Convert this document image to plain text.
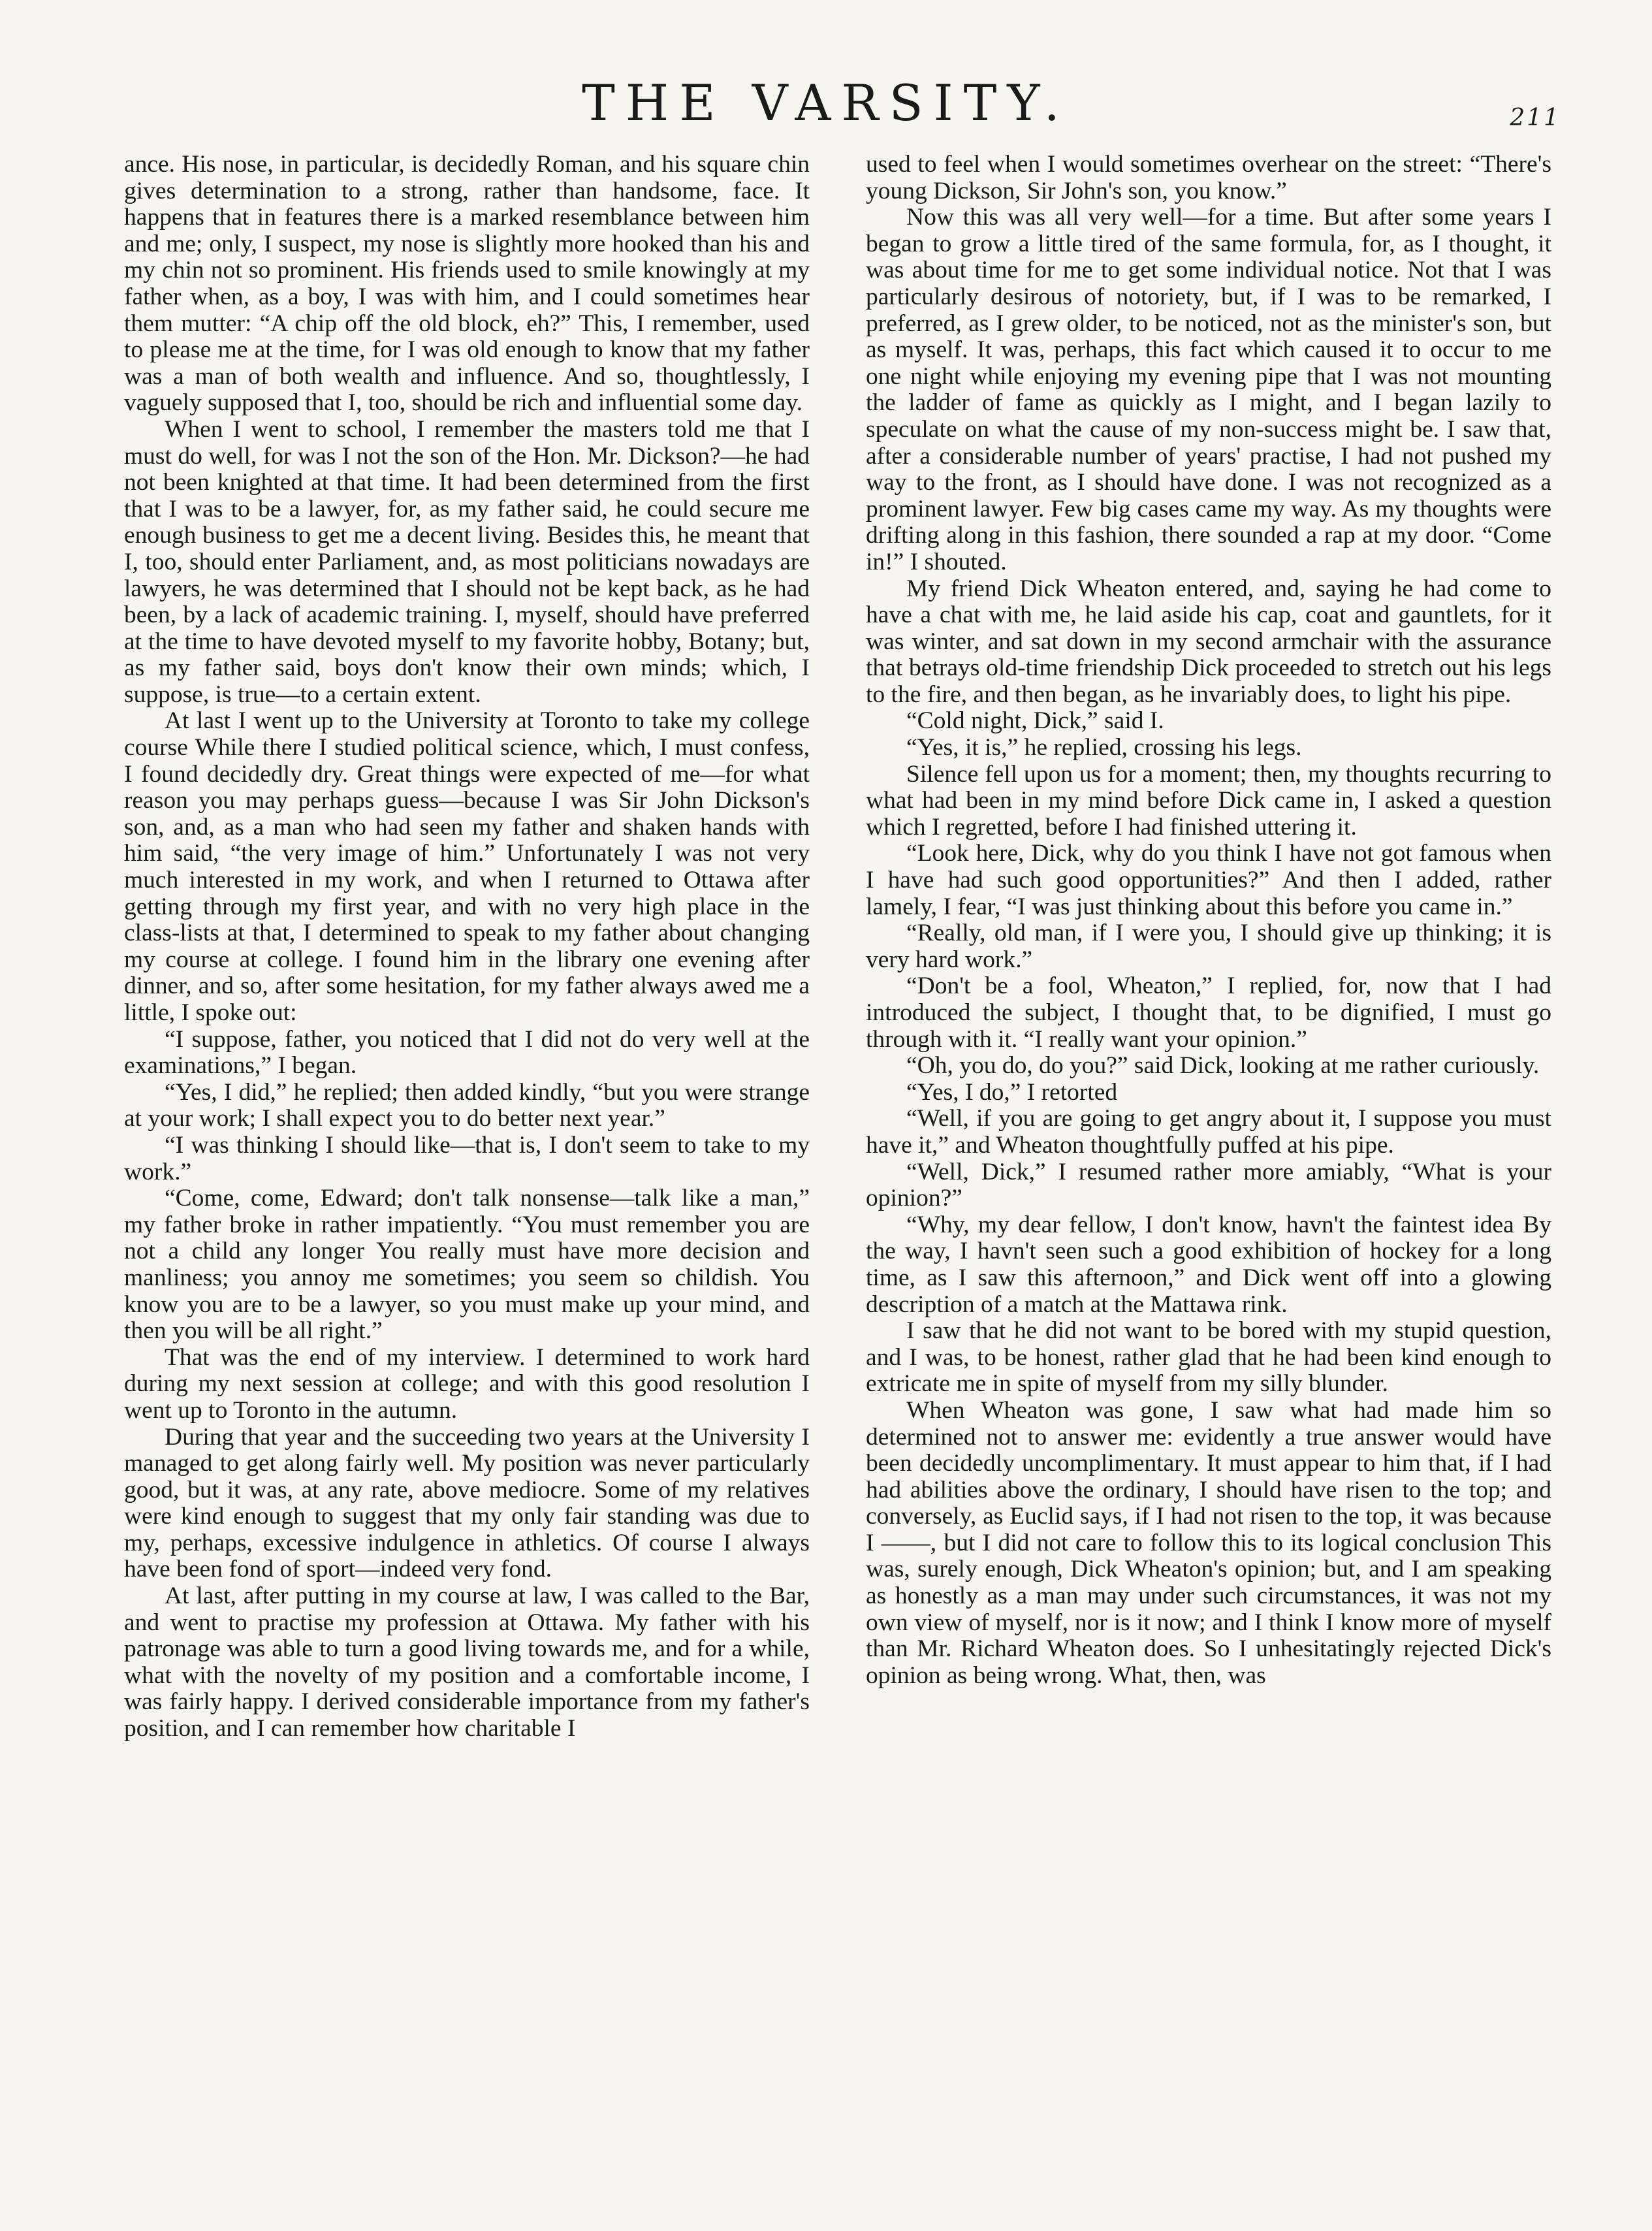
THE VARSITY.	211

ance. His nose, in particular, is decidedly Roman, and his square chin gives determination to a strong, rather than handsome, face. It happens that in features there is a marked resemblance between him and me; only, I suspect, my nose is slightly more hooked than his and my chin not so prominent. His friends used to smile knowingly at my father when, as a boy, I was with him, and I could sometimes hear them mutter: “A chip off the old block, eh?” This, I remember, used to please me at the time, for I was old enough to know that my father was a man of both wealth and influence. And so, thoughtlessly, I vaguely supposed that I, too, should be rich and influential some day.

When I went to school, I remember the masters told me that I must do well, for was I not the son of the Hon. Mr. Dickson?—he had not been knighted at that time. It had been determined from the first that I was to be a lawyer, for, as my father said, he could secure me enough business to get me a decent living. Besides this, he meant that I, too, should enter Parliament, and, as most politicians nowadays are lawyers, he was determined that I should not be kept back, as he had been, by a lack of academic training. I, myself, should have preferred at the time to have devoted myself to my favorite hobby, Botany; but, as my father said, boys don't know their own minds; which, I suppose, is true—to a certain extent.

At last I went up to the University at Toronto to take my college course While there I studied political science, which, I must confess, I found decidedly dry. Great things were expected of me—for what reason you may perhaps guess—because I was Sir John Dickson's son, and, as a man who had seen my father and shaken hands with him said, “the very image of him.” Unfortunately I was not very much interested in my work, and when I returned to Ottawa after getting through my first year, and with no very high place in the class-lists at that, I determined to speak to my father about changing my course at college. I found him in the library one evening after dinner, and so, after some hesitation, for my father always awed me a little, I spoke out:

“I suppose, father, you noticed that I did not do very well at the examinations,” I began.

“Yes, I did,” he replied; then added kindly, “but you were strange at your work; I shall expect you to do better next year.”

“I was thinking I should like—that is, I don't seem to take to my work.”

“Come, come, Edward; don't talk nonsense—talk like a man,” my father broke in rather impatiently. “You must remember you are not a child any longer You really must have more decision and manliness; you annoy me sometimes; you seem so childish. You know you are to be a lawyer, so you must make up your mind, and then you will be all right.”

That was the end of my interview. I determined to work hard during my next session at college; and with this good resolution I went up to Toronto in the autumn.

During that year and the succeeding two years at the University I managed to get along fairly well. My position was never particularly good, but it was, at any rate, above mediocre. Some of my relatives were kind enough to suggest that my only fair standing was due to my, perhaps, excessive indulgence in athletics. Of course I always have been fond of sport—indeed very fond.

At last, after putting in my course at law, I was called to the Bar, and went to practise my profession at Ottawa. My father with his patronage was able to turn a good living towards me, and for a while, what with the novelty of my position and a comfortable income, I was fairly happy. I derived considerable importance from my father's position, and I can remember how charitable I

used to feel when I would sometimes overhear on the street: “There's young Dickson, Sir John's son, you know.”

Now this was all very well—for a time. But after some years I began to grow a little tired of the same formula, for, as I thought, it was about time for me to get some individual notice. Not that I was particularly desirous of notoriety, but, if I was to be remarked, I preferred, as I grew older, to be noticed, not as the minister's son, but as myself. It was, perhaps, this fact which caused it to occur to me one night while enjoying my evening pipe that I was not mounting the ladder of fame as quickly as I might, and I began lazily to speculate on what the cause of my non-success might be. I saw that, after a considerable number of years' practise, I had not pushed my way to the front, as I should have done. I was not recognized as a prominent lawyer. Few big cases came my way. As my thoughts were drifting along in this fashion, there sounded a rap at my door. “Come in!” I shouted.

My friend Dick Wheaton entered, and, saying he had come to have a chat with me, he laid aside his cap, coat and gauntlets, for it was winter, and sat down in my second armchair with the assurance that betrays old-time friendship Dick proceeded to stretch out his legs to the fire, and then began, as he invariably does, to light his pipe.

“Cold night, Dick,” said I.

“Yes, it is,” he replied, crossing his legs.

Silence fell upon us for a moment; then, my thoughts recurring to what had been in my mind before Dick came in, I asked a question which I regretted, before I had finished uttering it.

“Look here, Dick, why do you think I have not got famous when I have had such good opportunities?” And then I added, rather lamely, I fear, “I was just thinking about this before you came in.”

“Really, old man, if I were you, I should give up thinking; it is very hard work.”

“Don't be a fool, Wheaton,” I replied, for, now that I had introduced the subject, I thought that, to be dignified, I must go through with it. “I really want your opinion.”

“Oh, you do, do you?” said Dick, looking at me rather curiously.

“Yes, I do,” I retorted

“Well, if you are going to get angry about it, I suppose you must have it,” and Wheaton thoughtfully puffed at his pipe.

“Well, Dick,” I resumed rather more amiably, “What is your opinion?”

“Why, my dear fellow, I don't know, havn't the faintest idea By the way, I havn't seen such a good exhibition of hockey for a long time, as I saw this afternoon,” and Dick went off into a glowing description of a match at the Mattawa rink.

I saw that he did not want to be bored with my stupid question, and I was, to be honest, rather glad that he had been kind enough to extricate me in spite of myself from my silly blunder.

When Wheaton was gone, I saw what had made him so determined not to answer me: evidently a true answer would have been decidedly uncomplimentary. It must appear to him that, if I had had abilities above the ordinary, I should have risen to the top; and conversely, as Euclid says, if I had not risen to the top, it was because I ——, but I did not care to follow this to its logical conclusion This was, surely enough, Dick Wheaton's opinion; but, and I am speaking as honestly as a man may under such circumstances, it was not my own view of myself, nor is it now; and I think I know more of myself than Mr. Richard Wheaton does. So I unhesitatingly rejected Dick's opinion as being wrong. What, then, was
